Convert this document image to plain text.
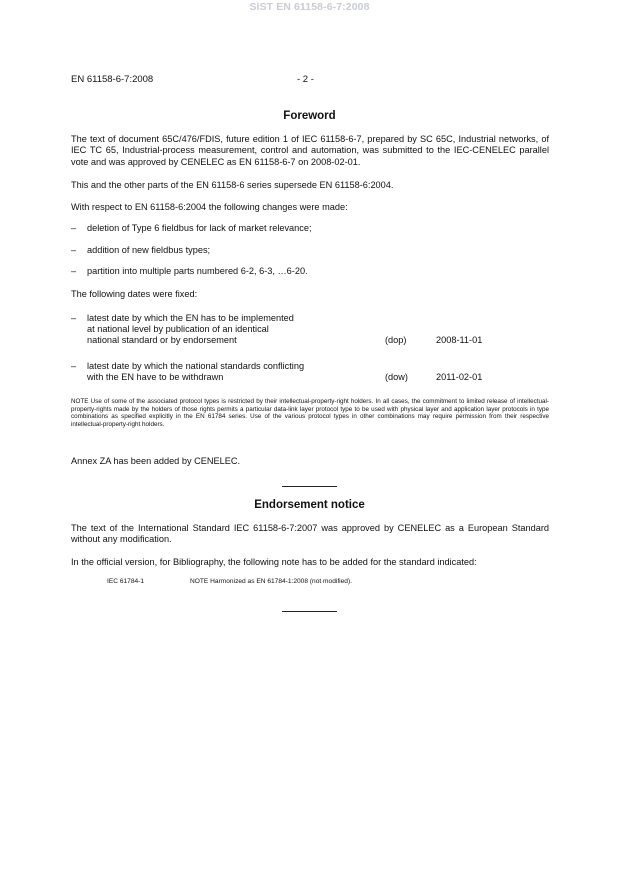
SIST EN 61158-6-7:2008
EN 61158-6-7:2008	- 2 -
Foreword
The text of document 65C/476/FDIS, future edition 1 of IEC 61158-6-7, prepared by SC 65C, Industrial networks, of IEC TC 65, Industrial-process measurement, control and automation, was submitted to the IEC-CENELEC parallel vote and was approved by CENELEC as EN 61158-6-7 on 2008-02-01.
This and the other parts of the EN 61158-6 series supersede EN 61158-6:2004.
With respect to EN 61158-6:2004 the following changes were made:
– deletion of Type 6 fieldbus for lack of market relevance;
– addition of new fieldbus types;
– partition into multiple parts numbered 6-2, 6-3, …6-20.
The following dates were fixed:
– latest date by which the EN has to be implemented
at national level by publication of an identical
national standard or by endorsement	(dop)	2008-11-01
– latest date by which the national standards conflicting
with the EN have to be withdrawn	(dow)	2011-02-01
NOTE Use of some of the associated protocol types is restricted by their intellectual-property-right holders. In all cases, the commitment to limited release of intellectual-property-rights made by the holders of those rights permits a particular data-link layer protocol type to be used with physical layer and application layer protocols in type combinations as specified explicitly in the EN 61784 series. Use of the various protocol types in other combinations may require permission from their respective intellectual-property-right holders.
Annex ZA has been added by CENELEC.
Endorsement notice
The text of the International Standard IEC 61158-6-7:2007 was approved by CENELEC as a European Standard without any modification.
In the official version, for Bibliography, the following note has to be added for the standard indicated:
IEC 61784-1	NOTE Harmonized as EN 61784-1:2008 (not modified).
